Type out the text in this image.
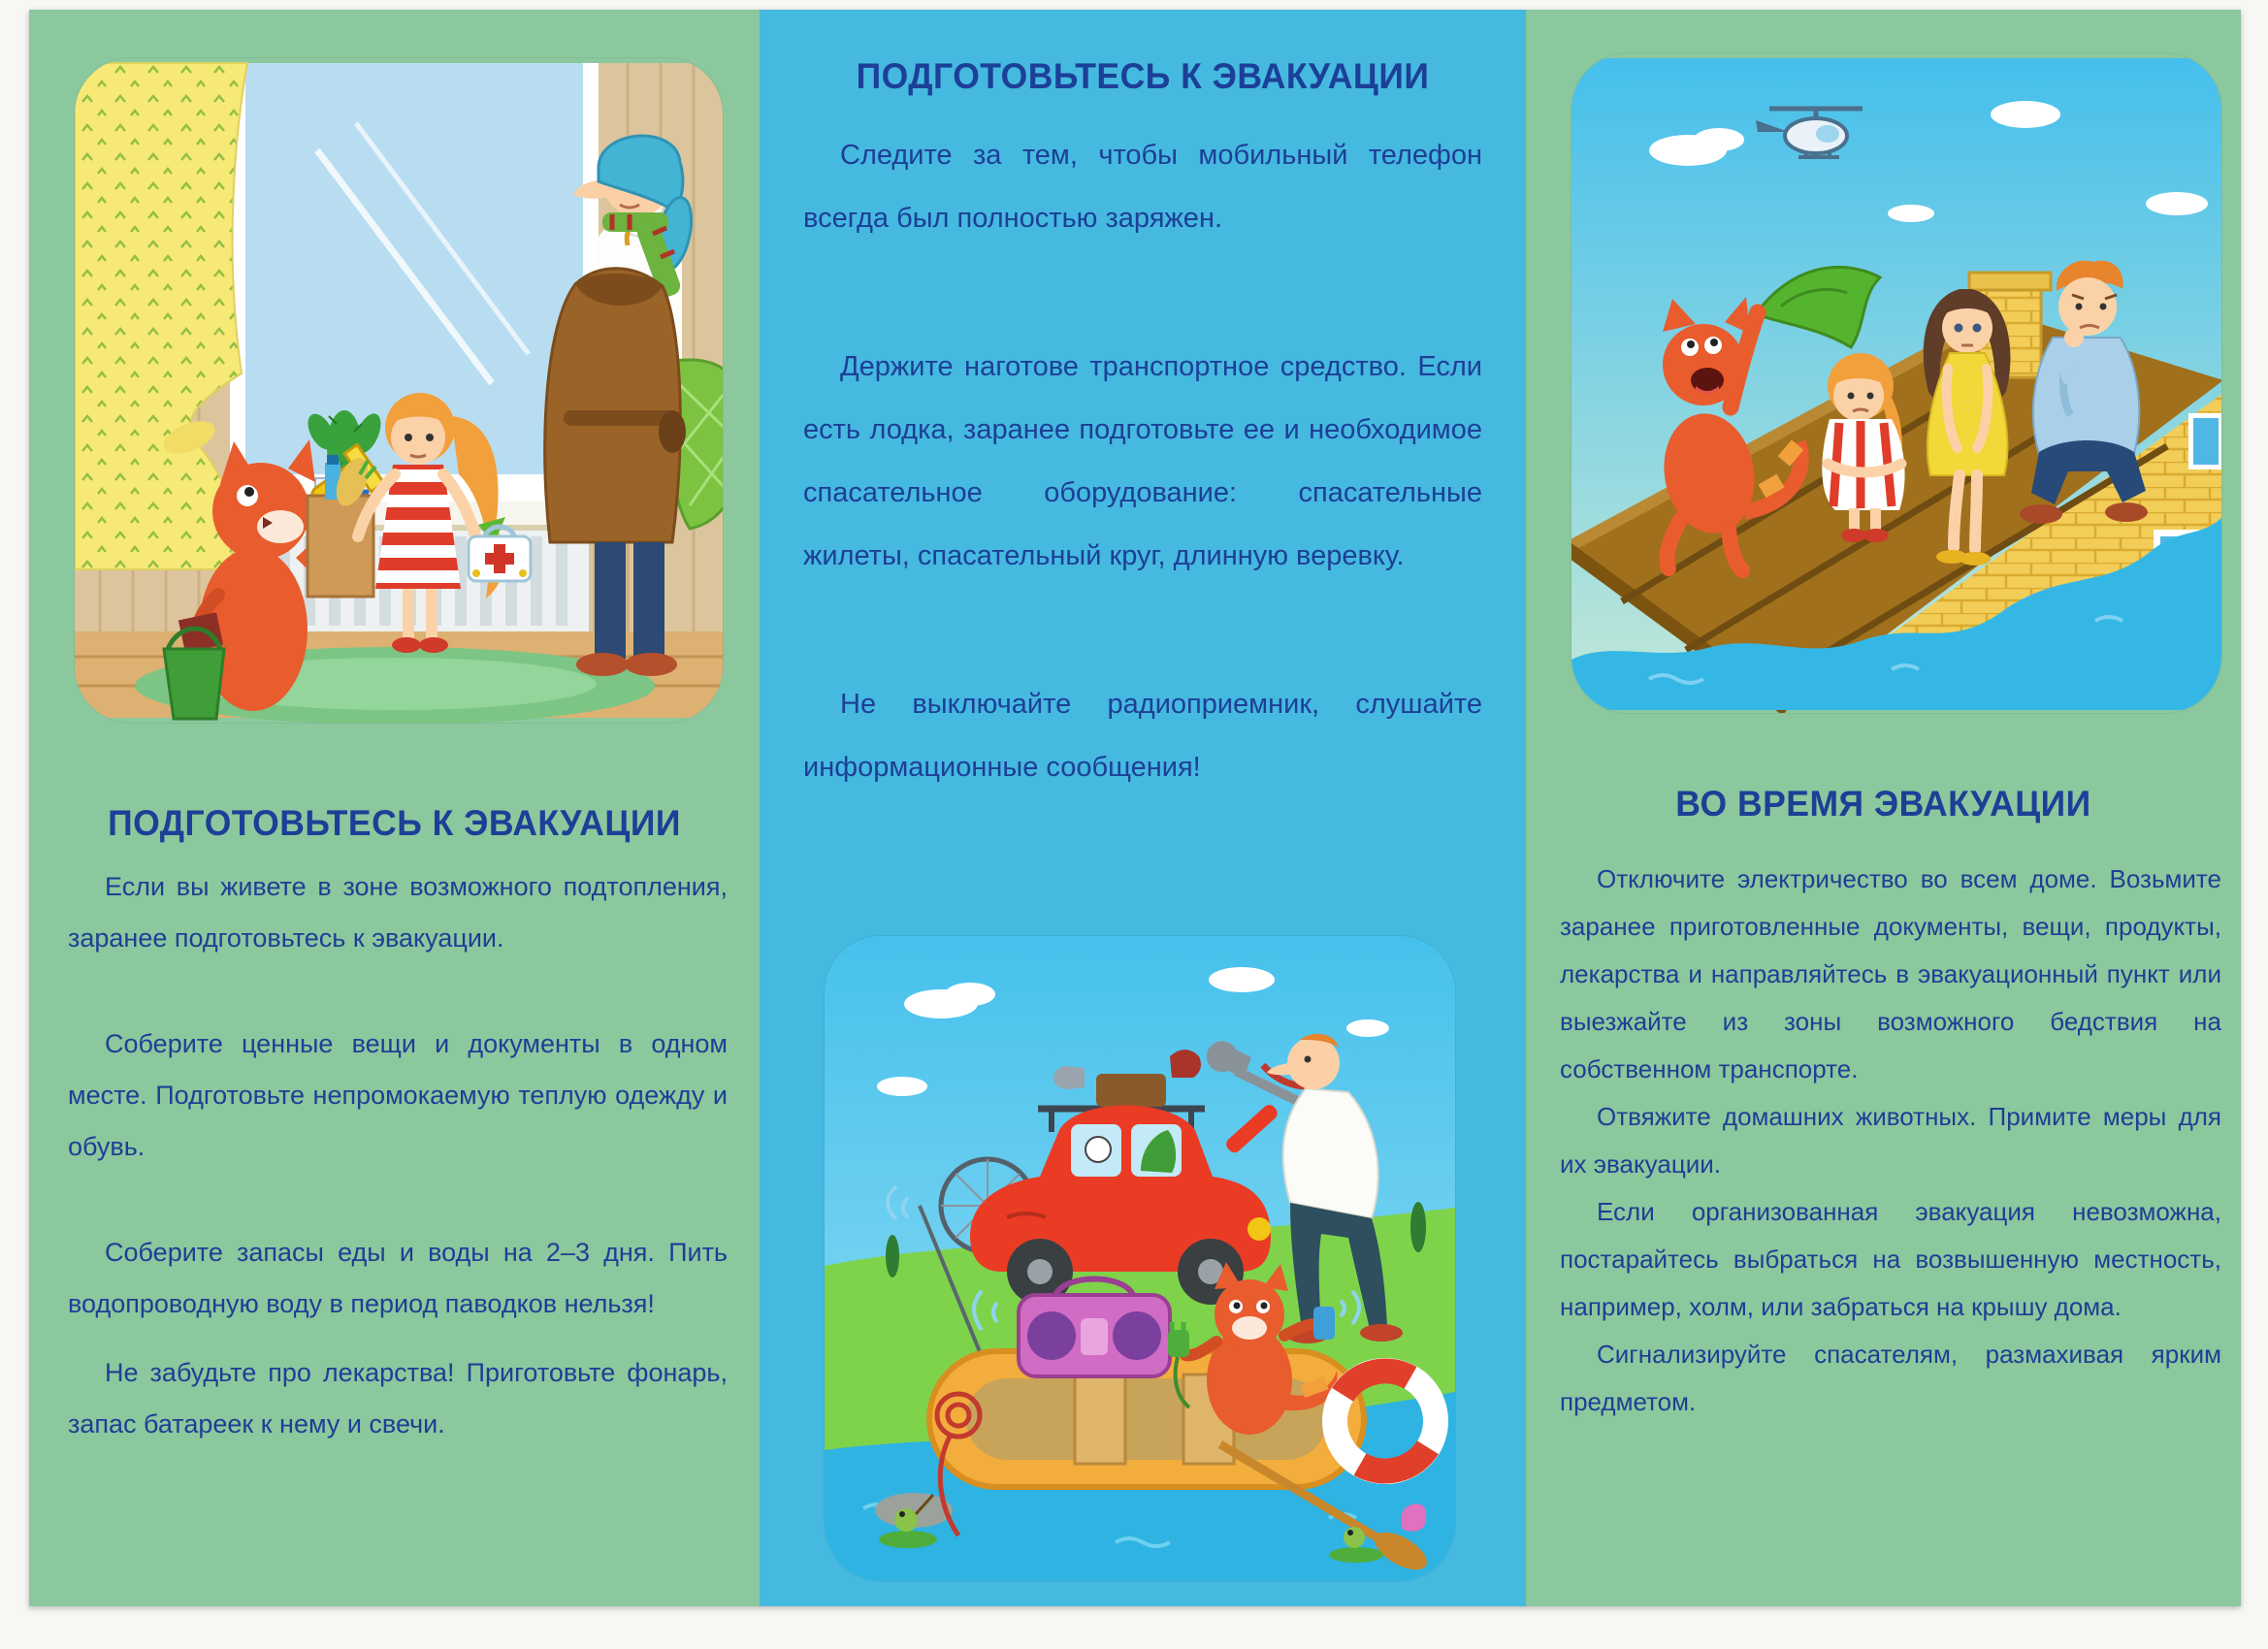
ПОДГОТОВЬТЕСЬ К ЭВАКУАЦИИ

Если вы живете в зоне возможного подтопления, заранее подготовьтесь к эвакуации.

Соберите ценные вещи и документы в одном месте. Подготовьте непромокаемую теплую одежду и обувь.

Соберите запасы еды и воды на 2–3 дня. Пить водопроводную воду в период паводков нельзя!

Не забудьте про лекарства! Приготовьте фонарь, запас батареек к нему и свечи.

ПОДГОТОВЬТЕСЬ К ЭВАКУАЦИИ

Следите за тем, чтобы мобильный телефон всегда был полностью заряжен.

Держите наготове транспортное средство. Если есть лодка, заранее подготовьте ее и необходимое спасательное оборудование: спасательные жилеты, спасательный круг, длинную веревку.

Не выключайте радиоприемник, слушайте информационные сообщения!

ВО ВРЕМЯ ЭВАКУАЦИИ

Отключите электричество во всем доме. Возьмите заранее приготовленные документы, вещи, продукты, лекарства и направляйтесь в эвакуационный пункт или выезжайте из зоны возможного бедствия на собственном транспорте.

Отвяжите домашних животных. Примите меры для их эвакуации.

Если организованная эвакуация невозможна, постарайтесь выбраться на возвышенную местность, например, холм, или забраться на крышу дома.

Сигнализируйте спасателям, размахивая ярким предметом.
